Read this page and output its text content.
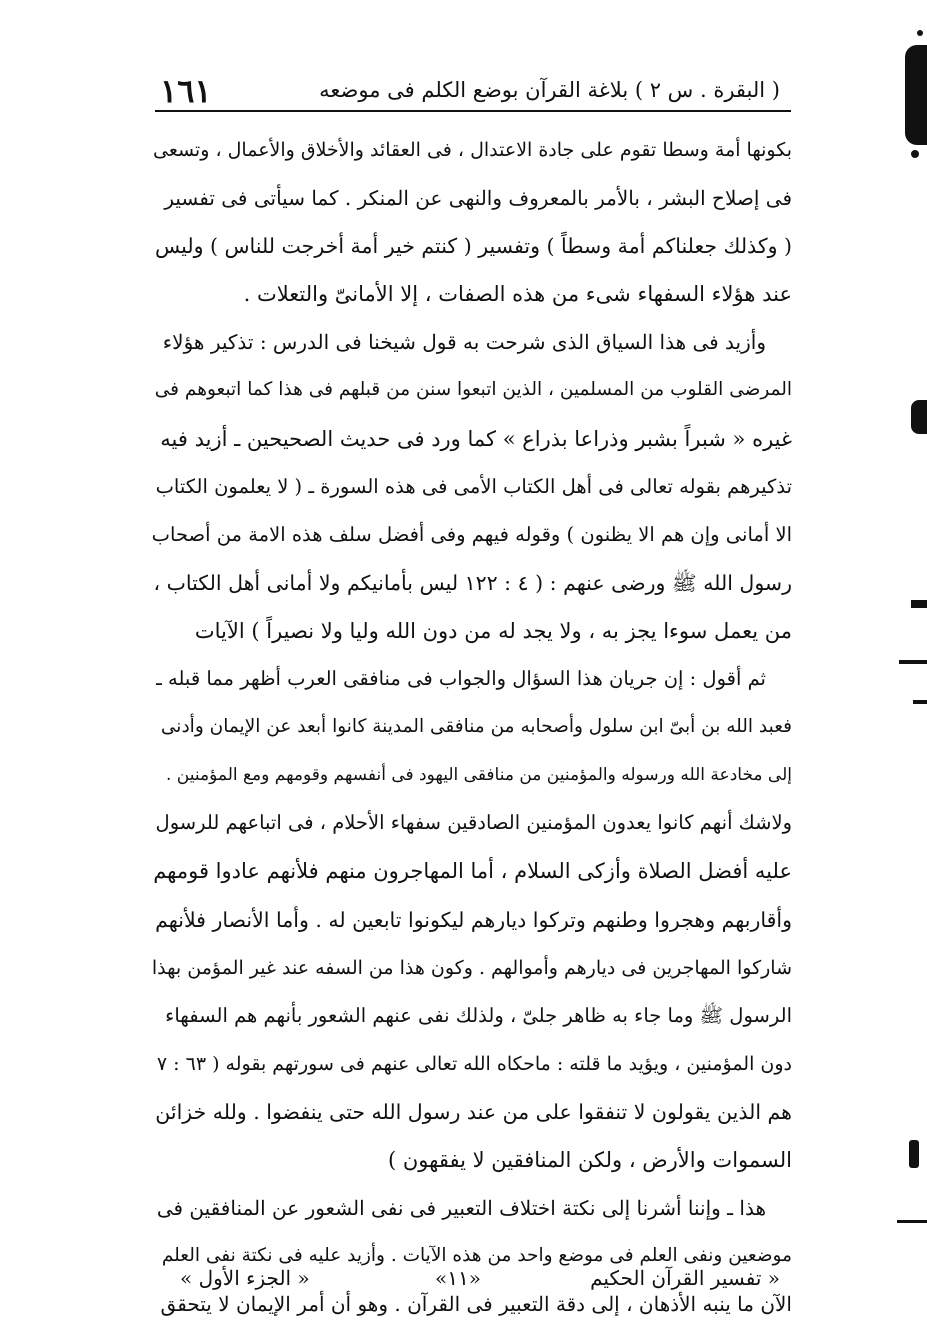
١٦١	( البقرة . س ٢ ) بلاغة القرآن بوضع الكلم فى موضعه
بكونها أمة وسطا تقوم على جادة الاعتدال ، فى العقائد والأخلاق والأعمال ، وتسعى
فى إصلاح البشر ، بالأمر بالمعروف والنهى عن المنكر . كما سيأتى فى تفسير
( وكذلك جعلناكم أمة وسطاً ) وتفسير ( كنتم خير أمة أخرجت للناس ) وليس
عند هؤلاء السفهاء شىء من هذه الصفات ، إلا الأمانىّ والتعلات .
وأزيد فى هذا السياق الذى شرحت به قول شيخنا فى الدرس : تذكير هؤلاء
المرضى القلوب من المسلمين ، الذين اتبعوا سنن من قبلهم فى هذا كما اتبعوهم فى
غيره « شبراً بشبر وذراعا بذراع » كما ورد فى حديث الصحيحين ـ أزيد فيه
تذكيرهم بقوله تعالى فى أهل الكتاب الأمى فى هذه السورة ـ ( لا يعلمون الكتاب
الا أمانى وإن هم الا يظنون ) وقوله فيهم وفى أفضل سلف هذه الامة من أصحاب
رسول الله ﷺ ورضى عنهم : ( ٤ : ١٢٢ ليس بأمانيكم ولا أمانى أهل الكتاب ،
من يعمل سوءا يجز به ، ولا يجد له من دون الله وليا ولا نصيراً ) الآيات
ثم أقول : إن جريان هذا السؤال والجواب فى منافقى العرب أظهر مما قبله ـ
فعبد الله بن أبىّ ابن سلول وأصحابه من منافقى المدينة كانوا أبعد عن الإيمان وأدنى
إلى مخادعة الله ورسوله والمؤمنين من منافقى اليهود فى أنفسهم وقومهم ومع المؤمنين .
ولاشك أنهم كانوا يعدون المؤمنين الصادقين سفهاء الأحلام ، فى اتباعهم للرسول
عليه أفضل الصلاة وأزكى السلام ، أما المهاجرون منهم فلأنهم عادوا قومهم
وأقاربهم وهجروا وطنهم وتركوا ديارهم ليكونوا تابعين له . وأما الأنصار فلأنهم
شاركوا المهاجرين فى ديارهم وأموالهم . وكون هذا من السفه عند غير المؤمن بهذا
الرسول ﷺ وما جاء به ظاهر جلىّ ، ولذلك نفى عنهم الشعور بأنهم هم السفهاء
دون المؤمنين ، ويؤيد ما قلته : ماحكاه الله تعالى عنهم فى سورتهم بقوله ( ٦٣ : ٧
هم الذين يقولون لا تنفقوا على من عند رسول الله حتى ينفضوا . ولله خزائن
السموات والأرض ، ولكن المنافقين لا يفقهون )
هذا ـ وإننا أشرنا إلى نكتة اختلاف التعبير فى نفى الشعور عن المنافقين فى
موضعين ونفى العلم فى موضع واحد من هذه الآيات . وأزيد عليه فى نكتة نفى العلم
الآن ما ينبه الأذهان ، إلى دقة التعبير فى القرآن . وهو أن أمر الإيمان لا يتحقق
« تفسير القرآن الحكيم
«١١»
« الجزء الأول »
